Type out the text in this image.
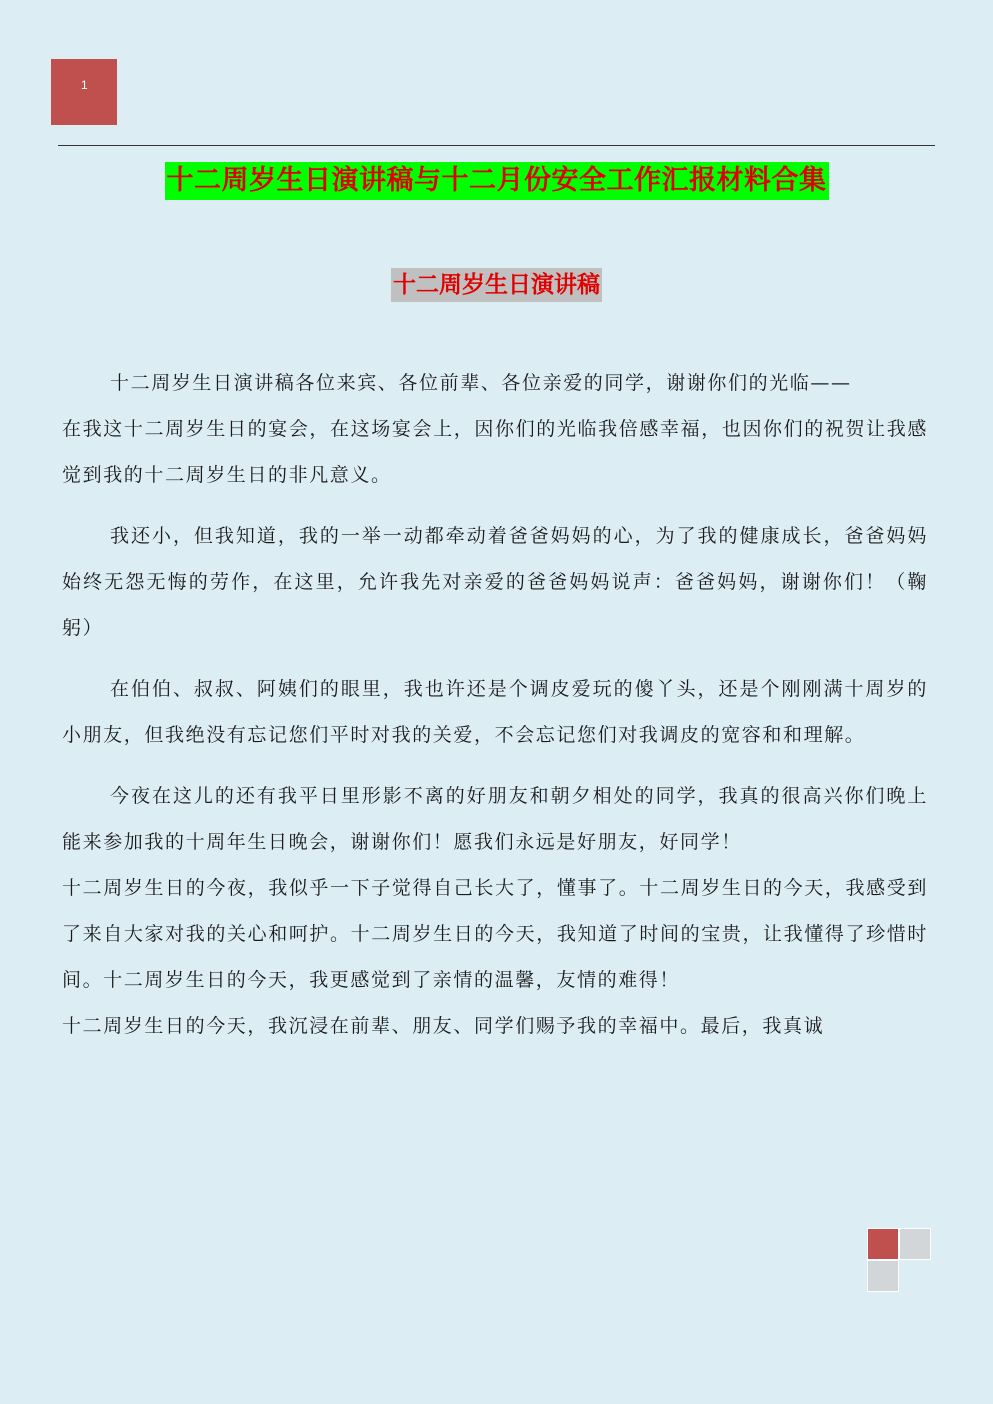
1
十二周岁生日演讲稿与十二月份安全工作汇报材料合集
十二周岁生日演讲稿

十二周岁生日演讲稿各位来宾、各位前辈、各位亲爱的同学，谢谢你们的光临——

在我这十二周岁生日的宴会，在这场宴会上，因你们的光临我倍感幸福，也因你们的祝贺让我感觉到我的十二周岁生日的非凡意义。

我还小，但我知道，我的一举一动都牵动着爸爸妈妈的心，为了我的健康成长，爸爸妈妈始终无怨无悔的劳作，在这里，允许我先对亲爱的爸爸妈妈说声：爸爸妈妈，谢谢你们！（鞠躬）

在伯伯、叔叔、阿姨们的眼里，我也许还是个调皮爱玩的傻丫头，还是个刚刚满十周岁的小朋友，但我绝没有忘记您们平时对我的关爱，不会忘记您们对我调皮的宽容和和理解。

今夜在这儿的还有我平日里形影不离的好朋友和朝夕相处的同学，我真的很高兴你们晚上能来参加我的十周年生日晚会，谢谢你们！愿我们永远是好朋友，好同学！

十二周岁生日的今夜，我似乎一下子觉得自己长大了，懂事了。十二周岁生日的今天，我感受到了来自大家对我的关心和呵护。十二周岁生日的今天，我知道了时间的宝贵，让我懂得了珍惜时间。十二周岁生日的今天，我更感觉到了亲情的温馨，友情的难得！

十二周岁生日的今天，我沉浸在前辈、朋友、同学们赐予我的幸福中。最后，我真诚
